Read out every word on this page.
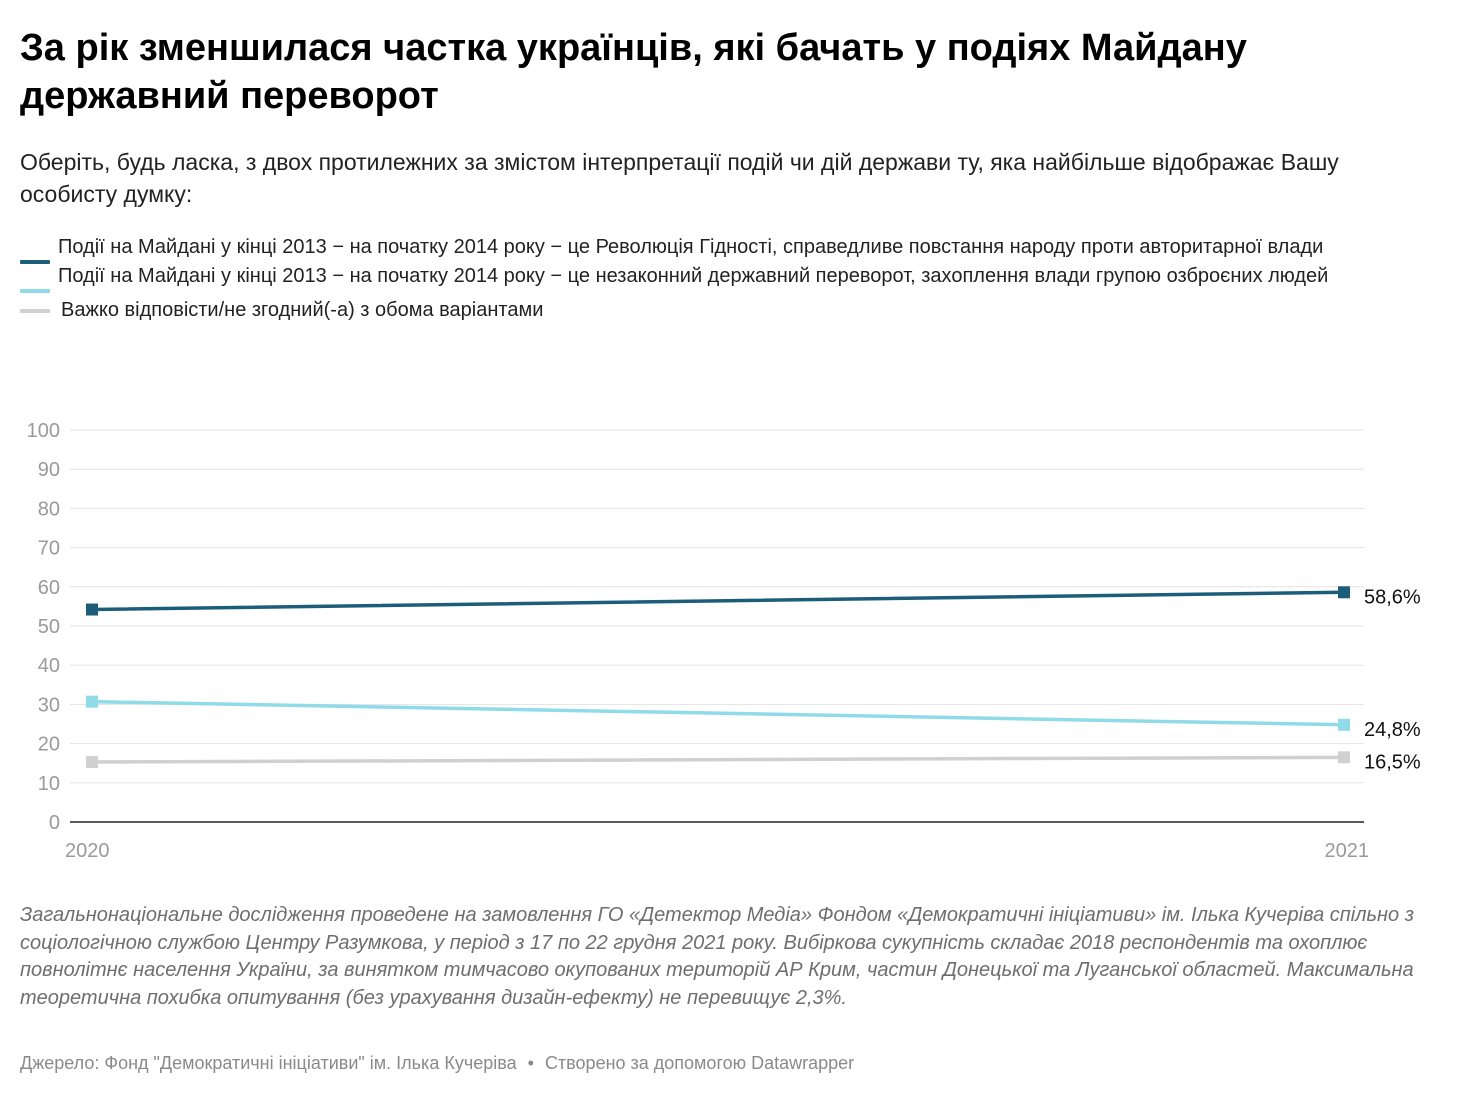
За рік зменшилася частка українців, які бачать у подіях Майдану державний переворот

Оберіть, будь ласка, з двох протилежних за змістом інтерпретації подій чи дій держави ту, яка найбільше відображає Вашу особисту думку:

Події на Майдані у кінці 2013 − на початку 2014 року − це Революція Гідності, справедливе повстання народу проти авторитарної влади
Події на Майдані у кінці 2013 − на початку 2014 року − це незаконний державний переворот, захоплення влади групою озброєних людей
Важко відповісти/не згодний(-а) з обома варіантами
0
10
20
30
40
50
60
70
80
90
100
2020	2021
58,6%
24,8%
16,5%

Загальнонаціональне дослідження проведене на замовлення ГО «Детектор Медіа» Фондом «Демократичні ініціативи» ім. Ілька Кучеріва спільно з соціологічною службою Центру Разумкова, у період з 17 по 22 грудня 2021 року. Вибіркова сукупність складає 2018 респондентів та охоплює повнолітнє населення України, за винятком тимчасово окупованих територій АР Крим, частин Донецької та Луганської областей. Максимальна теоретична похибка опитування (без урахування дизайн-ефекту) не перевищує 2,3%.

Джерело: Фонд "Демократичні ініціативи" ім. Ілька Кучеріва • Створено за допомогою Datawrapper
